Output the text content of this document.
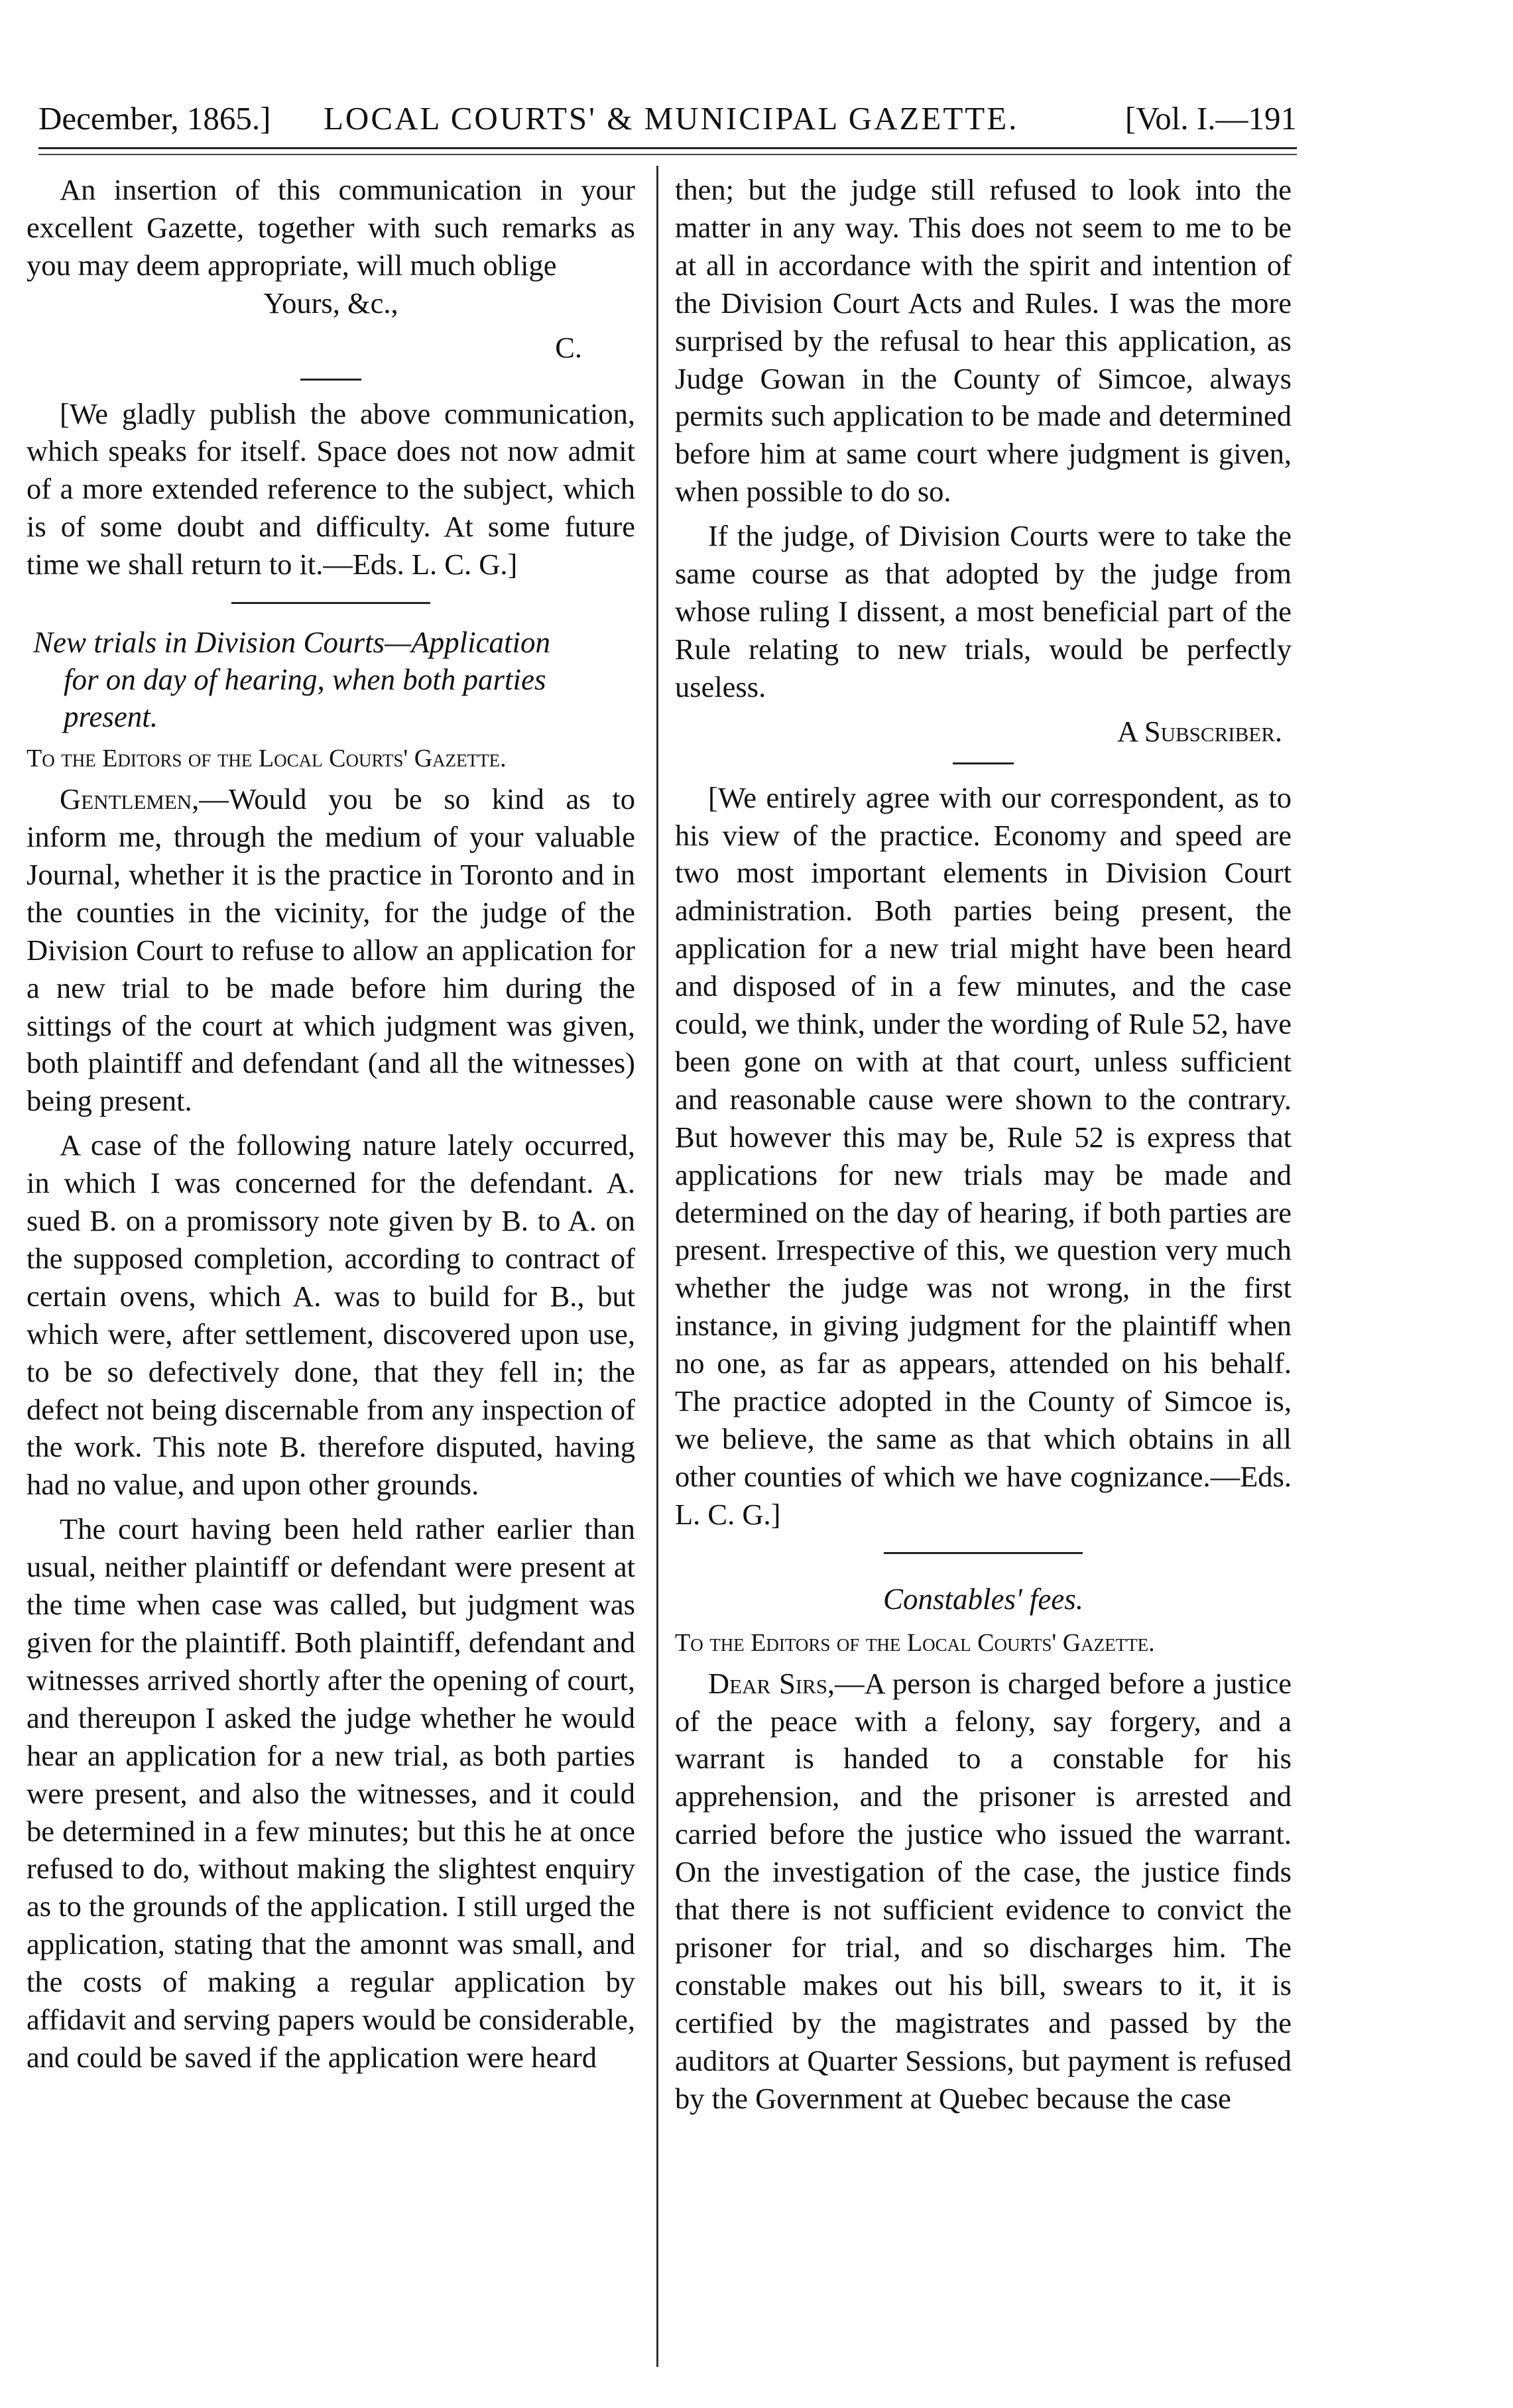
December, 1865.] LOCAL COURTS' & MUNICIPAL GAZETTE.	[Vol. I.—191

An insertion of this communication in your excellent Gazette, together with such remarks as you may deem appropriate, will much oblige

Yours, &c.,

C.

[We gladly publish the above communication, which speaks for itself. Space does not now admit of a more extended reference to the subject, which is of some doubt and difficulty. At some future time we shall return to it.—Eds. L. C. G.]

New trials in Division Courts—Application
for on day of hearing, when both parties
present.
To the Editors of the Local Courts' Gazette.

Gentlemen,—Would you be so kind as to inform me, through the medium of your valuable Journal, whether it is the practice in Toronto and in the counties in the vicinity, for the judge of the Division Court to refuse to allow an application for a new trial to be made before him during the sittings of the court at which judgment was given, both plaintiff and defendant (and all the witnesses) being present.

A case of the following nature lately occurred, in which I was concerned for the defendant. A. sued B. on a promissory note given by B. to A. on the supposed completion, according to contract of certain ovens, which A. was to build for B., but which were, after settlement, discovered upon use, to be so defectively done, that they fell in; the defect not being discernable from any inspection of the work. This note B. therefore disputed, having had no value, and upon other grounds.

The court having been held rather earlier than usual, neither plaintiff or defendant were present at the time when case was called, but judgment was given for the plaintiff. Both plaintiff, defendant and witnesses arrived shortly after the opening of court, and thereupon I asked the judge whether he would hear an application for a new trial, as both parties were present, and also the witnesses, and it could be determined in a few minutes; but this he at once refused to do, without making the slightest enquiry as to the grounds of the application. I still urged the application, stating that the amonnt was small, and the costs of making a regular application by affidavit and serving papers would be considerable, and could be saved if the application were heard

then; but the judge still refused to look into the matter in any way. This does not seem to me to be at all in accordance with the spirit and intention of the Division Court Acts and Rules. I was the more surprised by the refusal to hear this application, as Judge Gowan in the County of Simcoe, always permits such application to be made and determined before him at same court where judgment is given, when possible to do so.

If the judge, of Division Courts were to take the same course as that adopted by the judge from whose ruling I dissent, a most beneficial part of the Rule relating to new trials, would be perfectly useless.

A Subscriber.

[We entirely agree with our correspondent, as to his view of the practice. Economy and speed are two most important elements in Division Court administration. Both parties being present, the application for a new trial might have been heard and disposed of in a few minutes, and the case could, we think, under the wording of Rule 52, have been gone on with at that court, unless sufficient and reasonable cause were shown to the contrary. But however this may be, Rule 52 is express that applications for new trials may be made and determined on the day of hearing, if both parties are present. Irrespective of this, we question very much whether the judge was not wrong, in the first instance, in giving judgment for the plaintiff when no one, as far as appears, attended on his behalf. The practice adopted in the County of Simcoe is, we believe, the same as that which obtains in all other counties of which we have cognizance.—Eds. L. C. G.]

Constables' fees.
To the Editors of the Local Courts' Gazette.

Dear Sirs,—A person is charged before a justice of the peace with a felony, say forgery, and a warrant is handed to a constable for his apprehension, and the prisoner is arrested and carried before the justice who issued the warrant. On the investigation of the case, the justice finds that there is not sufficient evidence to convict the prisoner for trial, and so discharges him. The constable makes out his bill, swears to it, it is certified by the magistrates and passed by the auditors at Quarter Sessions, but payment is refused by the Government at Quebec because the case
